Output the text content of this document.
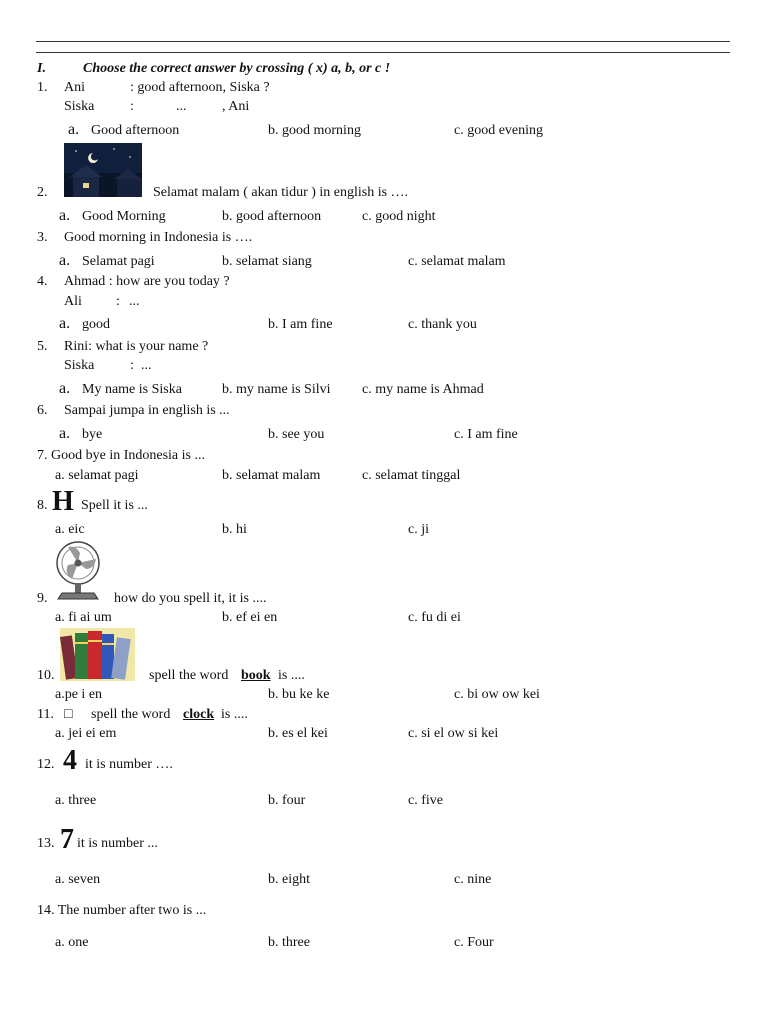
I.	Choose the correct answer by crossing ( x) a, b, or c !
1. Ani	: good afternoon, Siska ?
Siska	:	...	, Ani
a. Good afternoon	b. good morning	c. good evening
2.	Selamat malam ( akan tidur ) in english is ….
a. Good Morning	b. good afternoon	c. good night
3. Good morning in Indonesia is ….
a. Selamat pagi	b. selamat siang	c. selamat malam
4. Ahmad : how are you today ?
Ali : ...
a. good	b. I am fine	c. thank you
5. Rini: what is your name ?
Siska	: ...
a. My name is Siska	b. my name is Silvi c. my name is Ahmad
6. Sampai jumpa in english is ...
a. bye	b. see you	c. I am fine
7. Good bye in Indonesia is ...
a. selamat pagi	b. selamat malam	c. selamat tinggal
8. H Spell it is ...
a. eic	b. hi	c. ji
9.	how do you spell it, it is ....
a. fi ai um	b. ef ei en	c. fu di ei
10.	spell the word book is ....
a.pe i en	b. bu ke ke	c. bi ow ow kei
11. □ spell the word clock is ....
a. jei ei em	b. es el kei	c. si el ow si kei
12. 4 it is number ….
a. three	b. four	c. five
13. 7 it is number ...
a. seven	b. eight	c. nine
14. The number after two is ...
a. one	b. three	c. Four
